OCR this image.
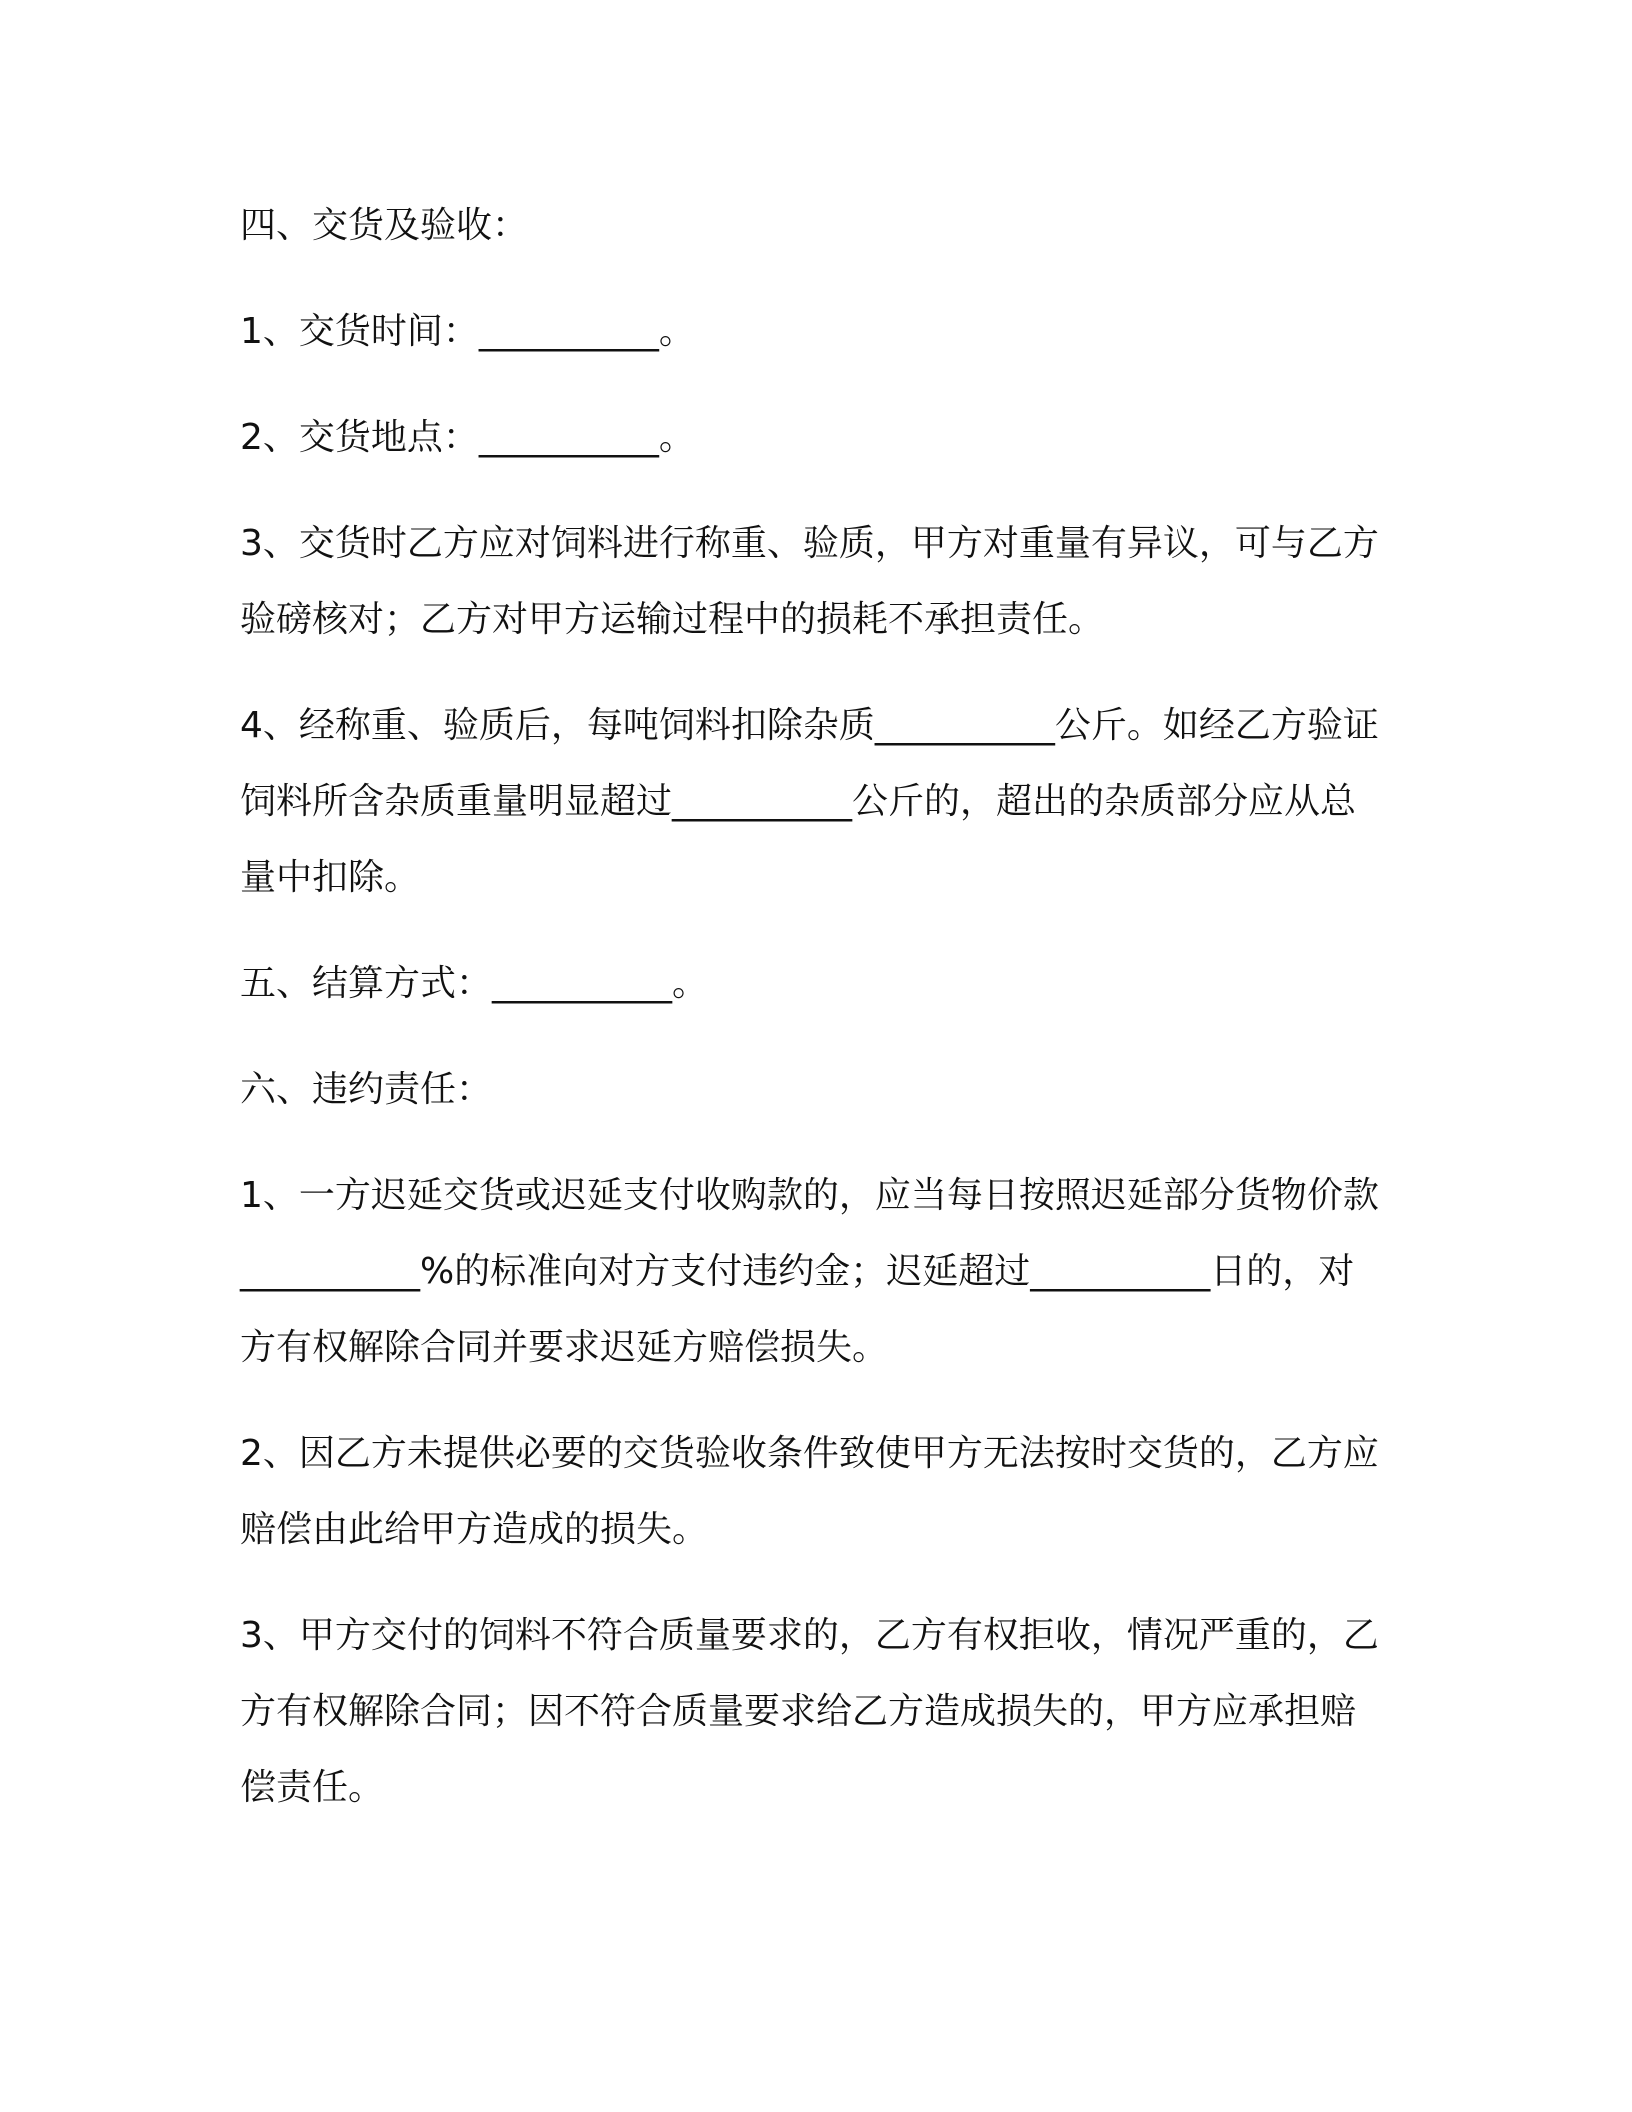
四、交货及验收：

1、交货时间：__________。

2、交货地点：__________。

3、交货时乙方应对饲料进行称重、验质，甲方对重量有异议，可与乙方验磅核对；乙方对甲方运输过程中的损耗不承担责任。

4、经称重、验质后，每吨饲料扣除杂质__________公斤。如经乙方验证饲料所含杂质重量明显超过__________公斤的，超出的杂质部分应从总量中扣除。

五、结算方式：__________。

六、违约责任：

1、一方迟延交货或迟延支付收购款的，应当每日按照迟延部分货物价款__________%的标准向对方支付违约金；迟延超过__________日的，对方有权解除合同并要求迟延方赔偿损失。

2、因乙方未提供必要的交货验收条件致使甲方无法按时交货的，乙方应赔偿由此给甲方造成的损失。

3、甲方交付的饲料不符合质量要求的，乙方有权拒收，情况严重的，乙方有权解除合同；因不符合质量要求给乙方造成损失的，甲方应承担赔偿责任。
